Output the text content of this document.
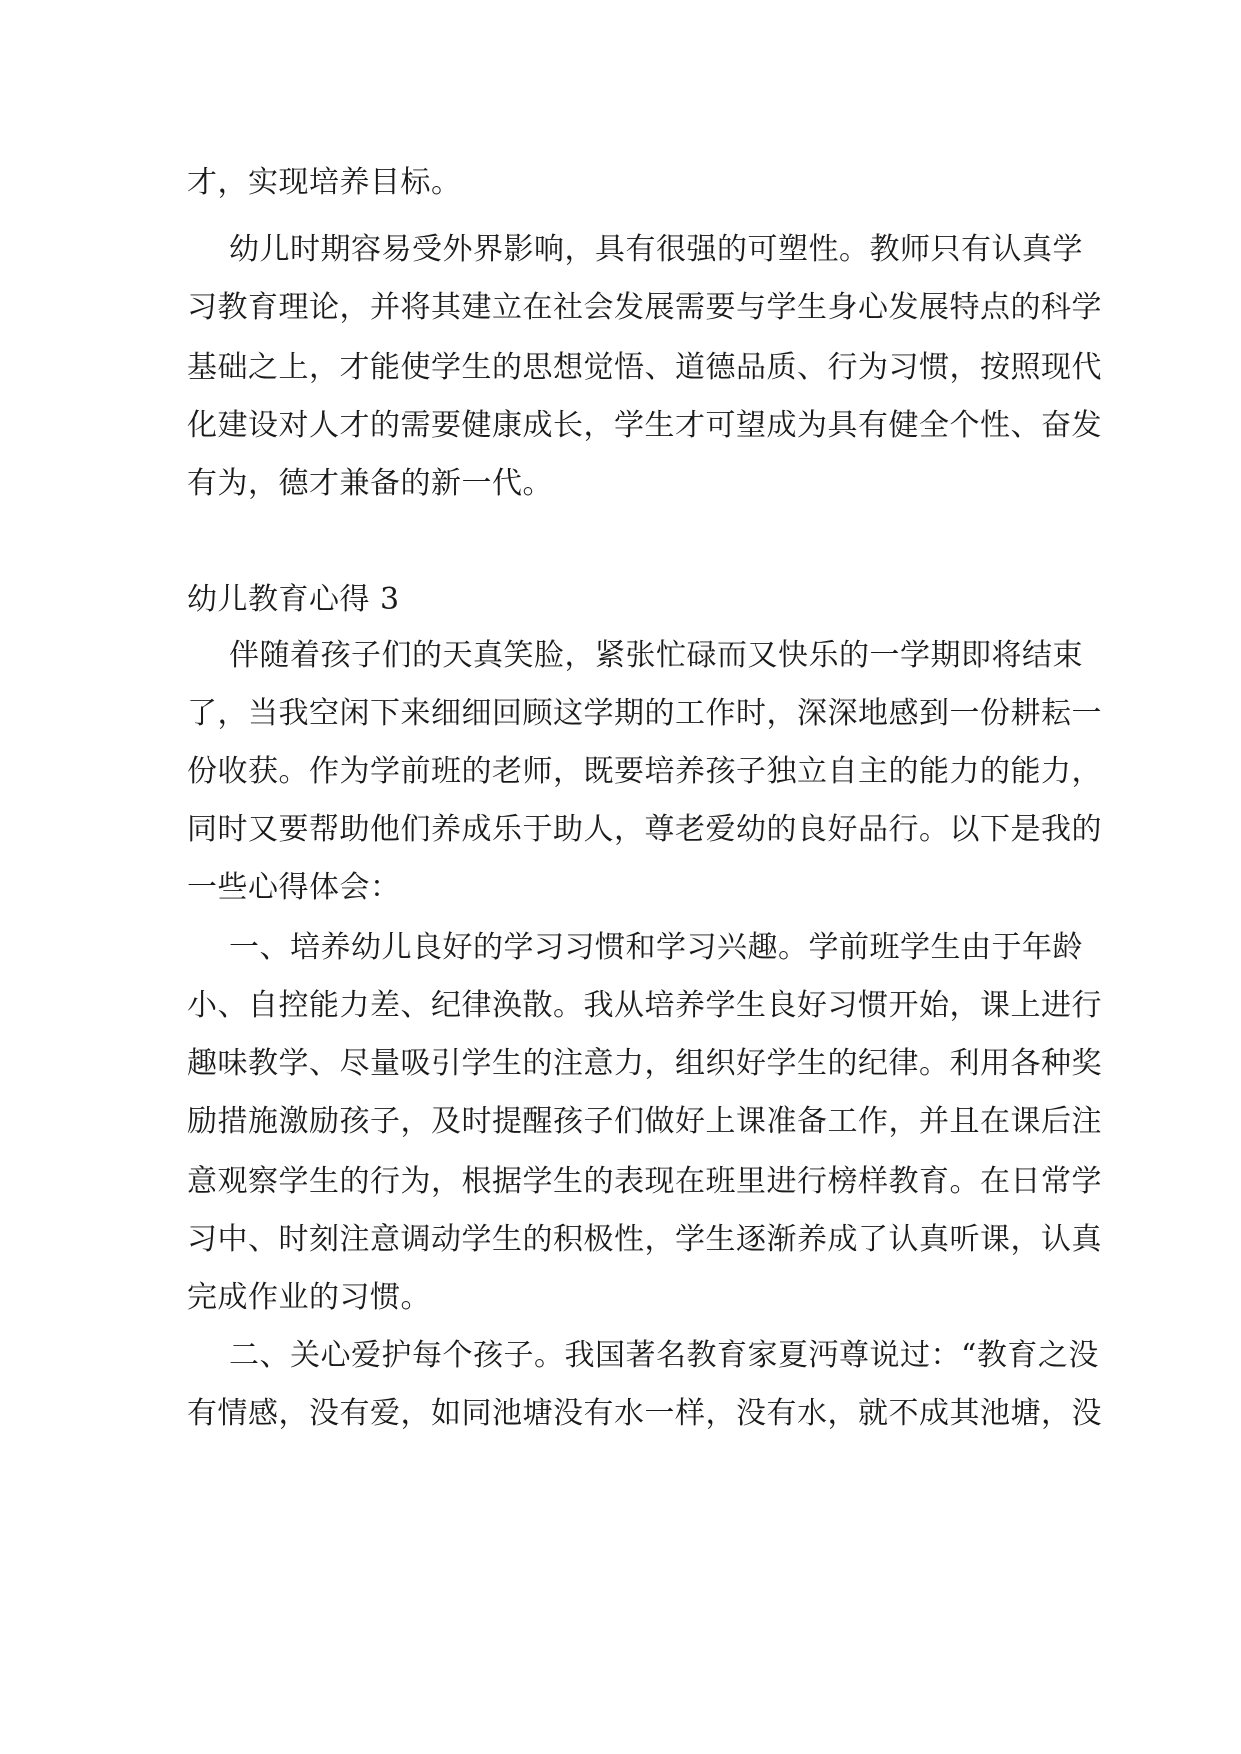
才，实现培养目标。
幼儿时期容易受外界影响，具有很强的可塑性。教师只有认真学
习教育理论，并将其建立在社会发展需要与学生身心发展特点的科学
基础之上，才能使学生的思想觉悟、道德品质、行为习惯，按照现代
化建设对人才的需要健康成长，学生才可望成为具有健全个性、奋发
有为，德才兼备的新一代。
幼儿教育心得 3
伴随着孩子们的天真笑脸，紧张忙碌而又快乐的一学期即将结束
了，当我空闲下来细细回顾这学期的工作时，深深地感到一份耕耘一
份收获。作为学前班的老师，既要培养孩子独立自主的能力的能力，
同时又要帮助他们养成乐于助人，尊老爱幼的良好品行。以下是我的
一些心得体会：
一、培养幼儿良好的学习习惯和学习兴趣。学前班学生由于年龄
小、自控能力差、纪律涣散。我从培养学生良好习惯开始，课上进行
趣味教学、尽量吸引学生的注意力，组织好学生的纪律。利用各种奖
励措施激励孩子，及时提醒孩子们做好上课准备工作，并且在课后注
意观察学生的行为，根据学生的表现在班里进行榜样教育。在日常学
习中、时刻注意调动学生的积极性，学生逐渐养成了认真听课，认真
完成作业的习惯。
二、关心爱护每个孩子。我国著名教育家夏沔尊说过：“教育之没
有情感，没有爱，如同池塘没有水一样，没有水，就不成其池塘，没
